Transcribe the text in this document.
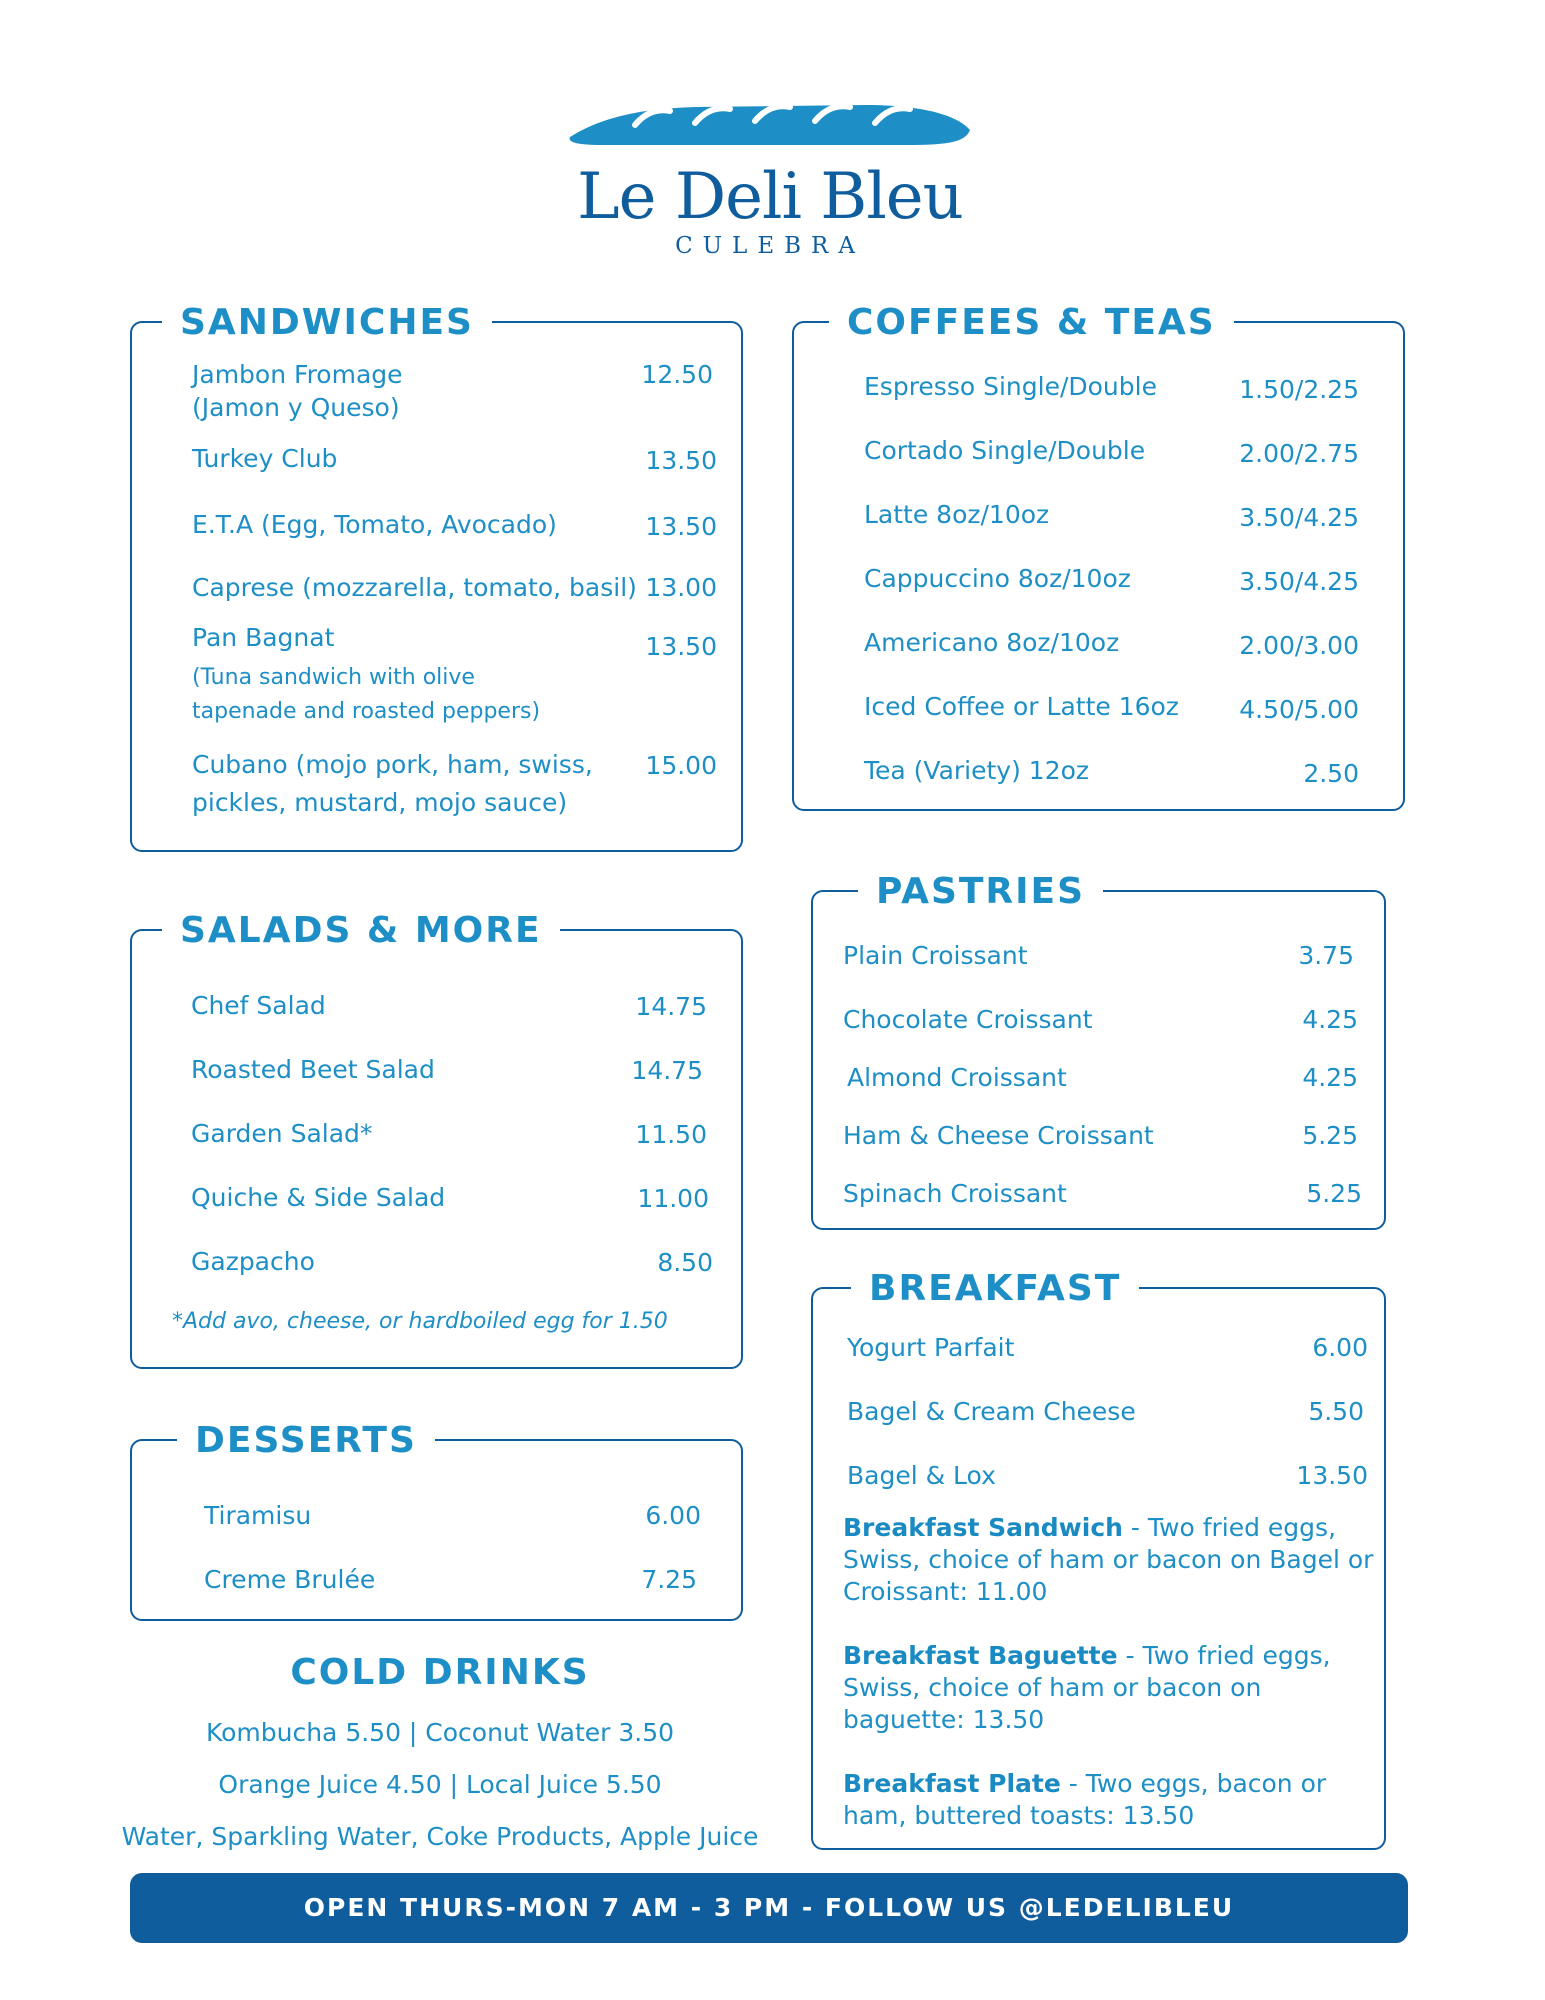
Le Deli Bleu
CULEBRA
SANDWICHES
Jambon Fromage
(Jamon y Queso)
12.50
Turkey Club	13.50
E.T.A (Egg, Tomato, Avocado)	13.50
Caprese (mozzarella, tomato, basil) 13.00
Pan Bagnat
(Tuna sandwich with olive
tapenade and roasted peppers)
13.50
Cubano (mojo pork, ham, swiss,
pickles, mustard, mojo sauce)
15.00
COFFEES & TEAS
Espresso Single/Double	1.50/2.25
Cortado Single/Double	2.00/2.75
Latte 8oz/10oz	3.50/4.25
Cappuccino 8oz/10oz	3.50/4.25
Americano 8oz/10oz	2.00/3.00
Iced Coffee or Latte 16oz 4.50/5.00
Tea (Variety) 12oz	2.50
SALADS & MORE
Chef Salad	14.75
Roasted Beet Salad	14.75
Garden Salad*	11.50
Quiche & Side Salad	11.00
Gazpacho	8.50
*Add avo, cheese, or hardboiled egg for 1.50
PASTRIES
Plain Croissant	3.75
Chocolate Croissant	4.25
Almond Croissant	4.25
Ham & Cheese Croissant	5.25
Spinach Croissant	5.25
DESSERTS
Tiramisu	6.00
Creme Brulée	7.25
COLD DRINKS
Kombucha 5.50 | Coconut Water 3.50
Orange Juice 4.50 | Local Juice 5.50
Water, Sparkling Water, Coke Products, Apple Juice
BREAKFAST
Yogurt Parfait	6.00
Bagel & Cream Cheese	5.50
Bagel & Lox	13.50
Breakfast Sandwich - Two fried eggs, Swiss, choice of ham or bacon on Bagel or Croissant: 11.00
Breakfast Baguette - Two fried eggs, Swiss, choice of ham or bacon on baguette: 13.50
Breakfast Plate - Two eggs, bacon or ham, buttered toasts: 13.50
OPEN THURS-MON 7 AM - 3 PM - FOLLOW US @LEDELIBLEU
